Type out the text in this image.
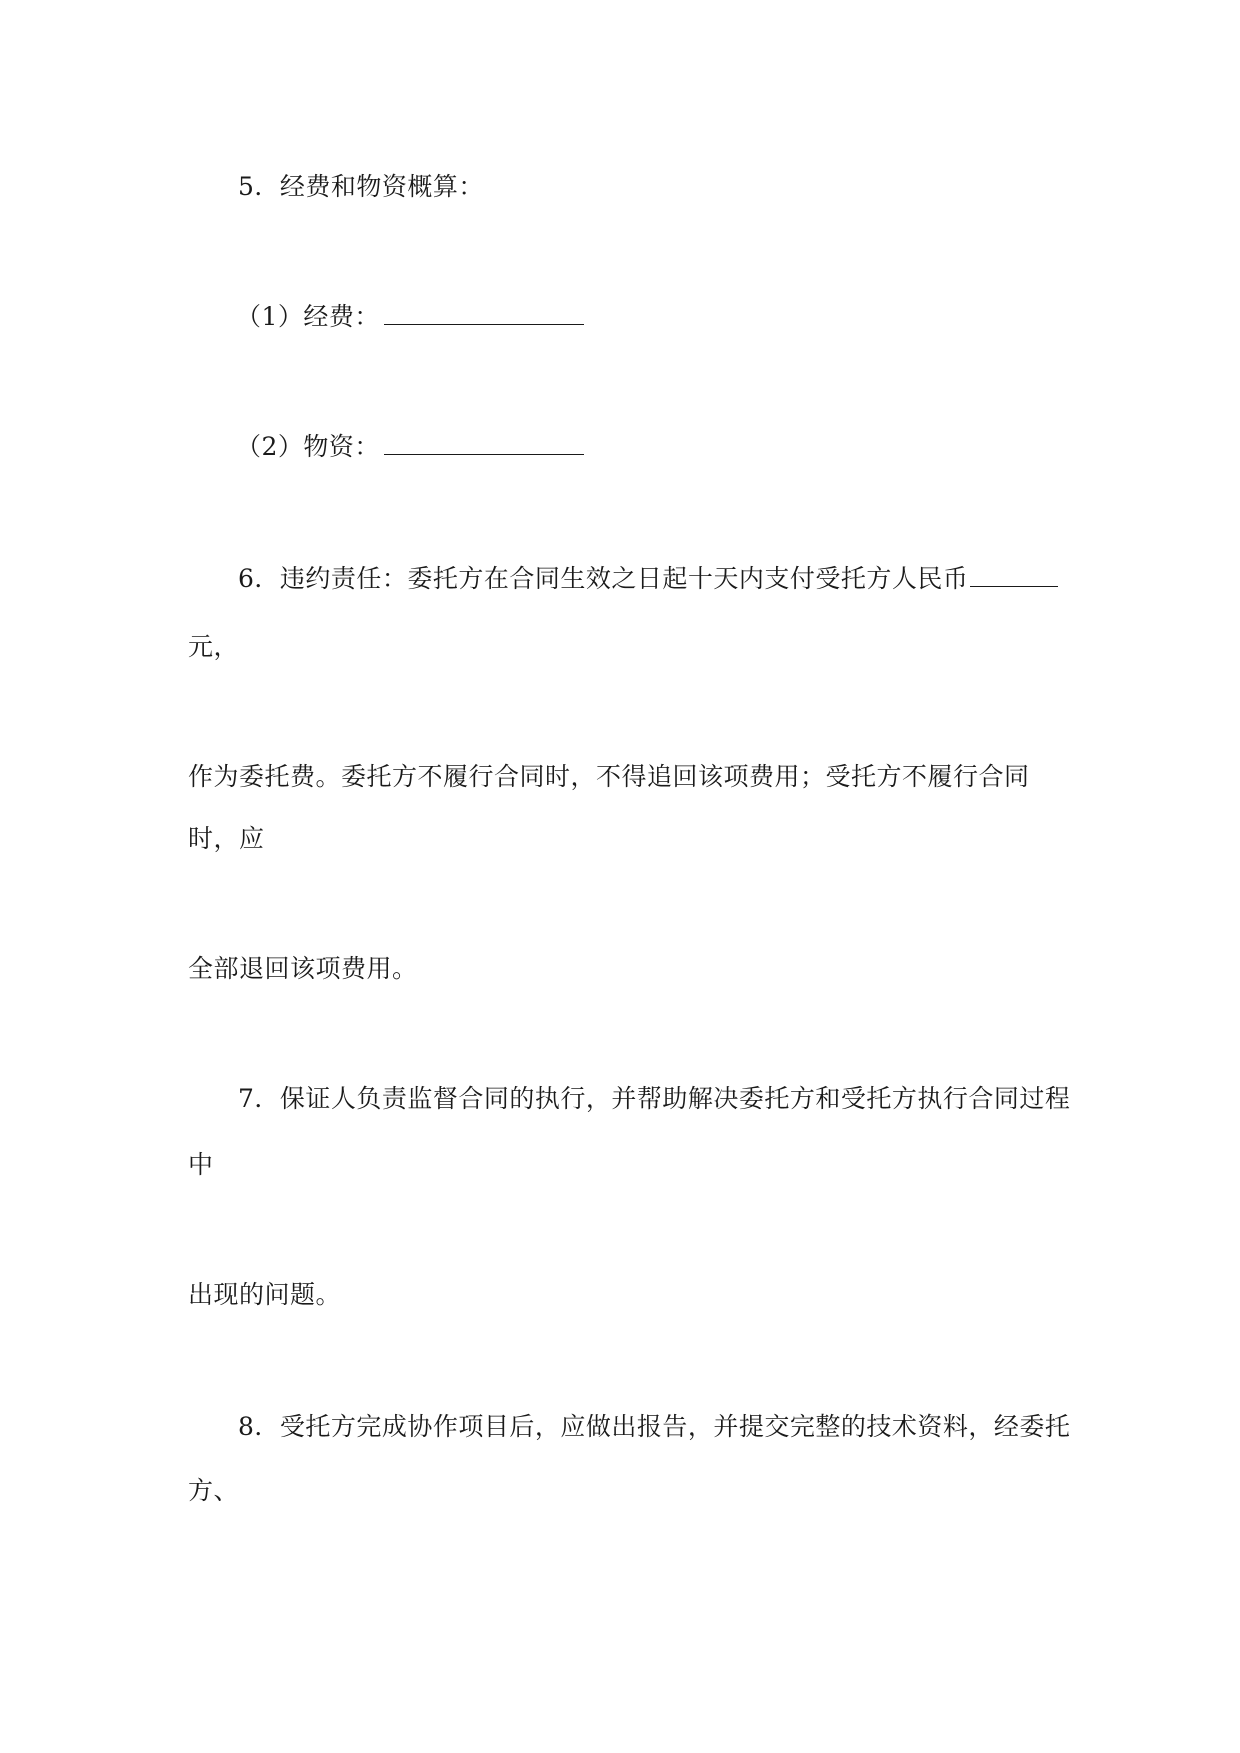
5．经费和物资概算：
（1）经费：
（2）物资：
6．违约责任：委托方在合同生效之日起十天内支付受托方人民币
元，
作为委托费。委托方不履行合同时，不得追回该项费用；受托方不履行合同
时，应
全部退回该项费用。
7．保证人负责监督合同的执行，并帮助解决委托方和受托方执行合同过程
中
出现的问题。
8．受托方完成协作项目后，应做出报告，并提交完整的技术资料，经委托
方、
